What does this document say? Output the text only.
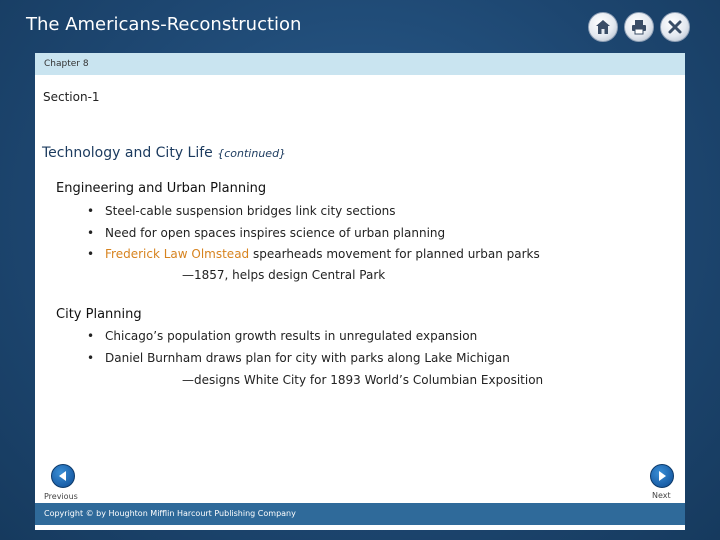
The Americans-Reconstruction
Chapter 8
Section-1
Technology and City Life {continued}
Engineering and Urban Planning
• Steel-cable suspension bridges link city sections
• Need for open spaces inspires science of urban planning
• Frederick Law Olmstead spearheads movement for planned urban parks
—1857, helps design Central Park
City Planning
• Chicago’s population growth results in unregulated expansion
• Daniel Burnham draws plan for city with parks along Lake Michigan
—designs White City for 1893 World’s Columbian Exposition
Previous	Next
Copyright © by Houghton Mifflin Harcourt Publishing Company
